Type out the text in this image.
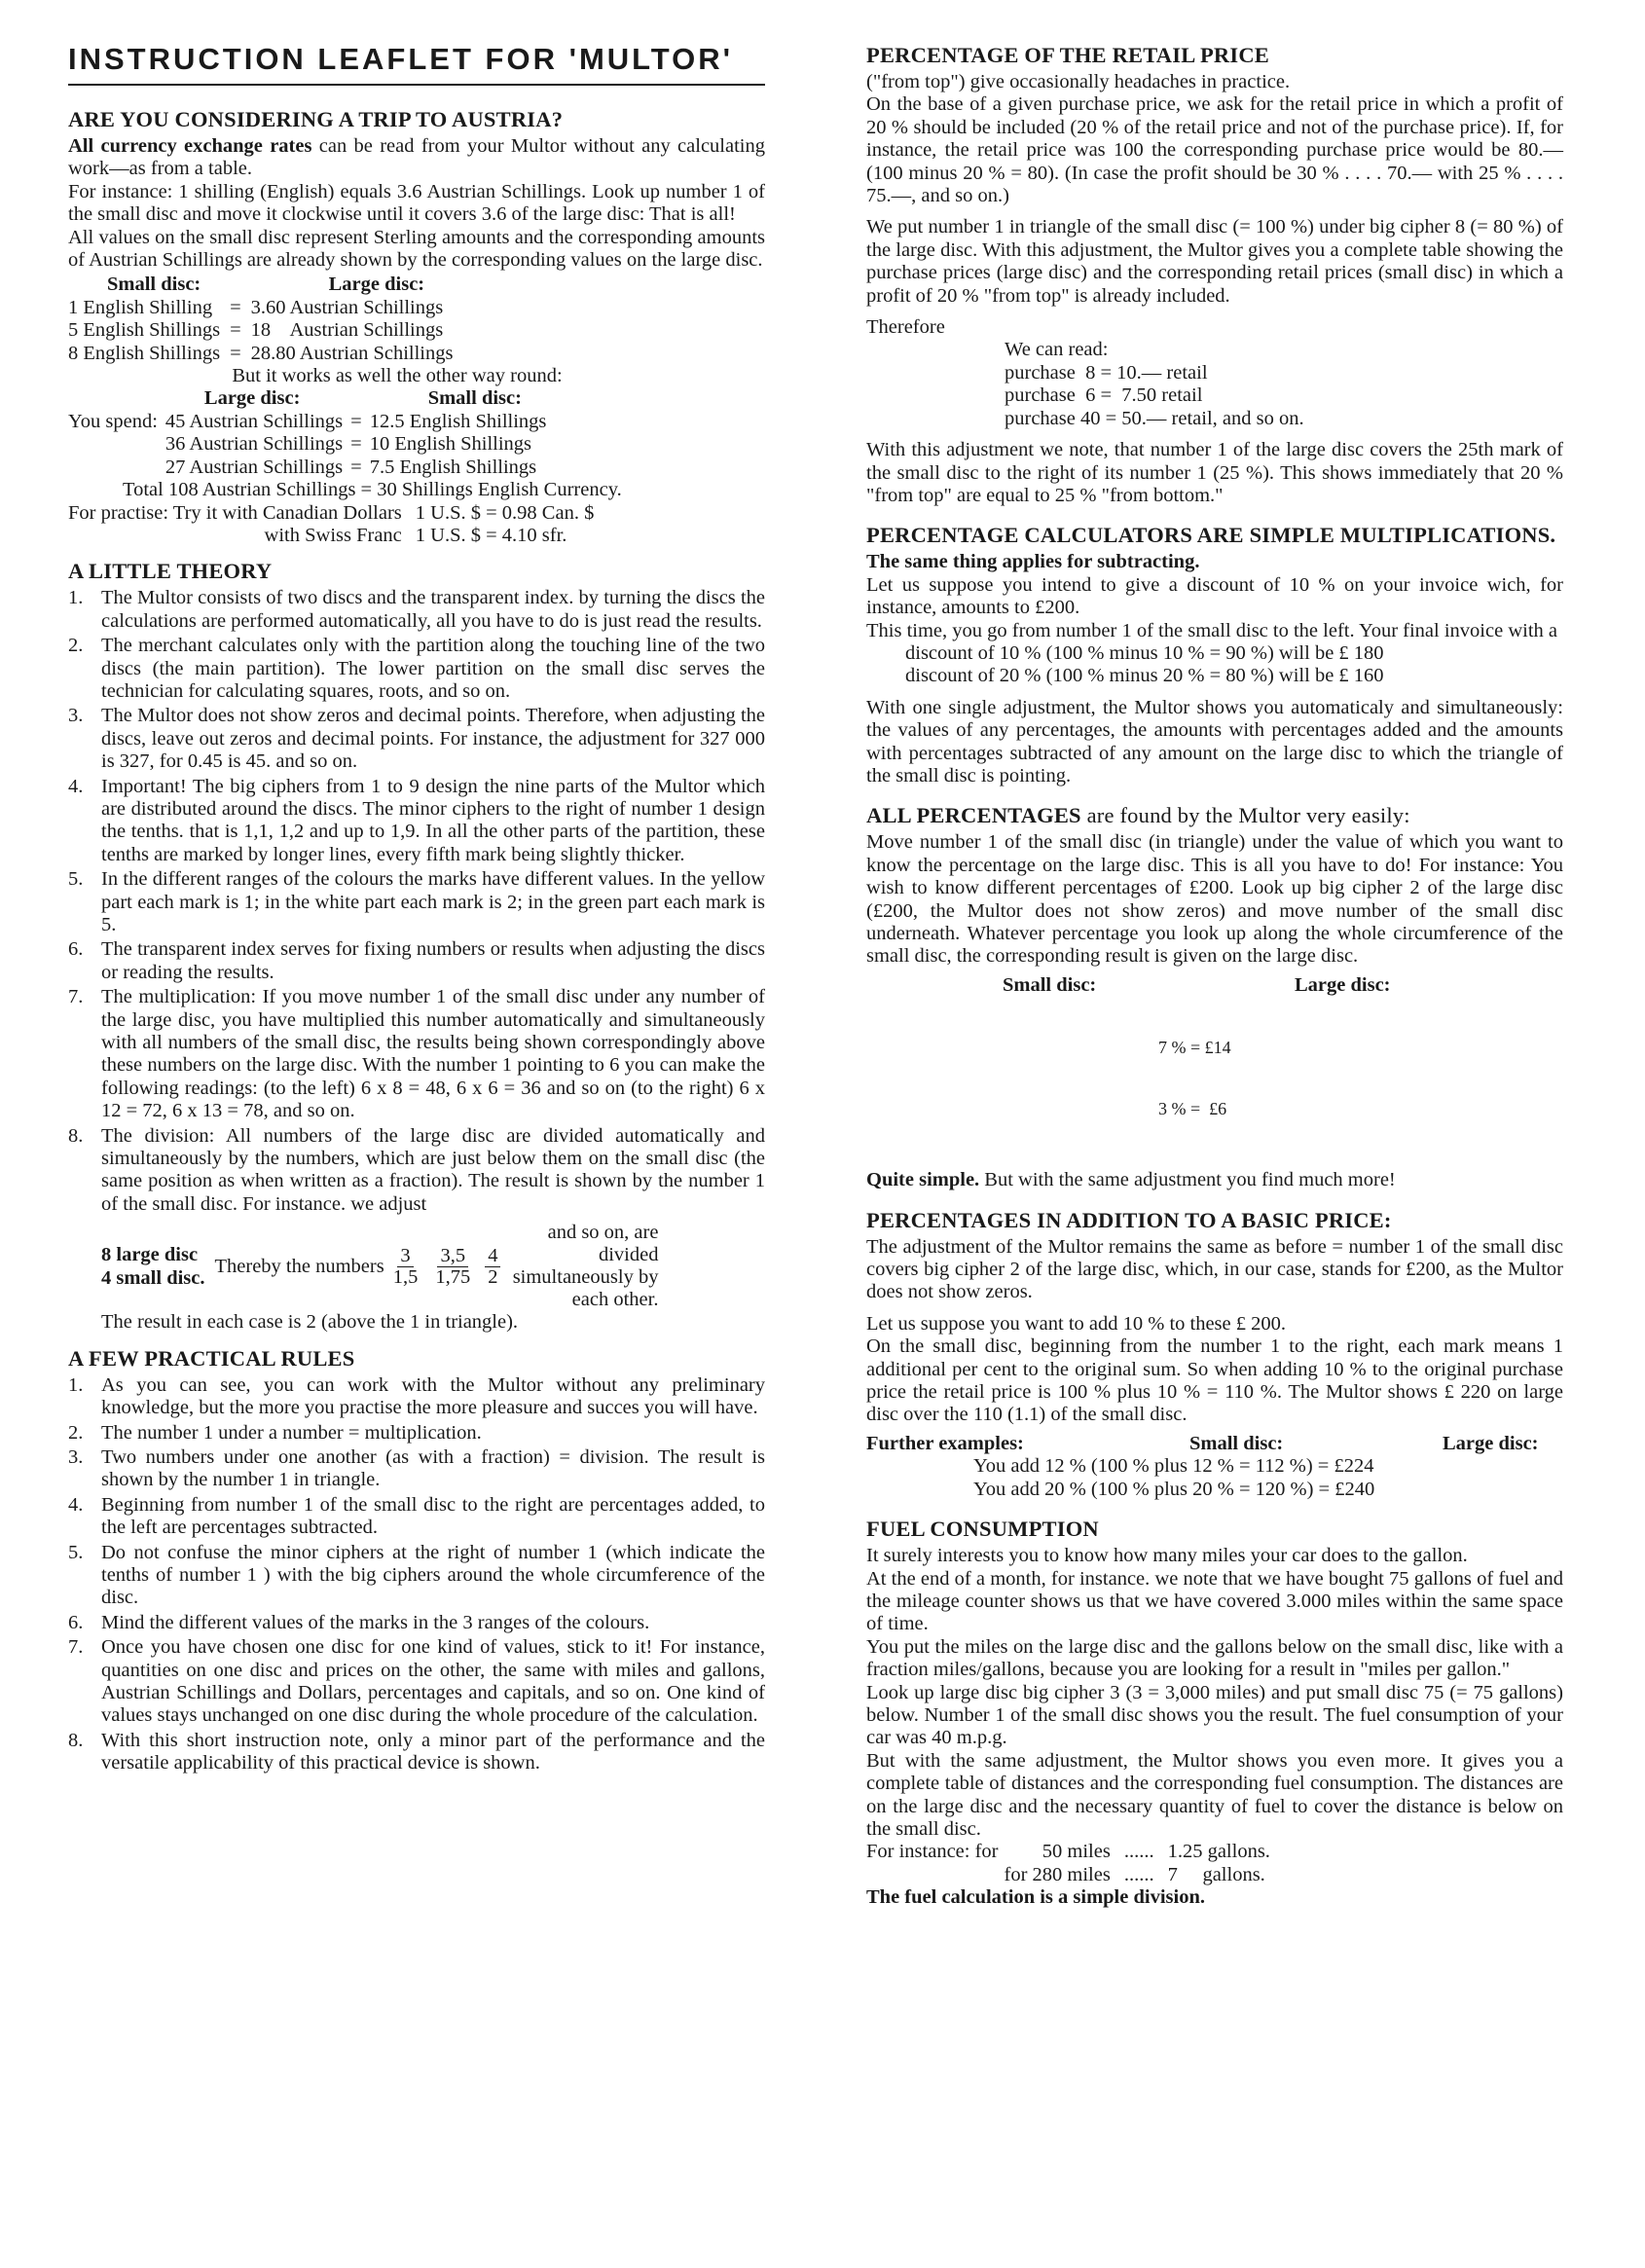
INSTRUCTION LEAFLET FOR 'MULTOR'
ARE YOU CONSIDERING A TRIP TO AUSTRIA?

All currency exchange rates can be read from your Multor without any calculating work—as from a table.

For instance: 1 shilling (English) equals 3.6 Austrian Schillings. Look up number 1 of the small disc and move it clockwise until it covers 3.6 of the large disc: That is all!

All values on the small disc represent Sterling amounts and the corresponding amounts of Austrian Schillings are already shown by the corresponding values on the large disc.

Small disc:		Large disc:
1 English Shilling	=	3.60 Austrian Schillings
5 English Shillings	=	18    Austrian Schillings
8 English Shillings	=	28.80 Austrian Schillings

But it works as well the other way round:

	Large disc:		Small disc:
You spend:	45 Austrian Schillings	=	12.5 English Shillings
	36 Austrian Schillings	=	10 English Shillings
	27 Austrian Schillings	=	7.5 English Shillings

Total 108 Austrian Schillings = 30 Shillings English Currency.

For practise: Try it with Canadian Dollars	1 U.S. $ = 0.98 Can. $
with Swiss Franc	1 U.S. $ = 4.10 sfr.
A LITTLE THEORY
1. The Multor consists of two discs and the transparent index. by turning the discs the calculations are performed automatically, all you have to do is just read the results.
2. The merchant calculates only with the partition along the touching line of the two discs (the main partition). The lower partition on the small disc serves the technician for calculating squares, roots, and so on.
3. The Multor does not show zeros and decimal points. Therefore, when adjusting the discs, leave out zeros and decimal points. For instance, the adjustment for 327 000 is 327, for 0.45 is 45. and so on.
4. Important! The big ciphers from 1 to 9 design the nine parts of the Multor which are distributed around the discs. The minor ciphers to the right of number 1 design the tenths. that is 1,1, 1,2 and up to 1,9. In all the other parts of the partition, these tenths are marked by longer lines, every fifth mark being slightly thicker.
5. In the different ranges of the colours the marks have different values. In the yellow part each mark is 1; in the white part each mark is 2; in the green part each mark is 5.
6. The transparent index serves for fixing numbers or results when adjusting the discs or reading the results.
7. The multiplication: If you move number 1 of the small disc under any number of the large disc, you have multiplied this number automatically and simultaneously with all numbers of the small disc, the results being shown correspondingly above these numbers on the large disc. With the number 1 pointing to 6 you can make the following readings: (to the left) 6 x 8 = 48, 6 x 6 = 36 and so on (to the right) 6 x 12 = 72, 6 x 13 = 78, and so on.
8. The division: All numbers of the large disc are divided automatically and simultaneously by the numbers, which are just below them on the small disc (the same position as when written as a fraction). The result is shown by the number 1 of the small disc. For instance. we adjust
8 large disc
4 small disc.
Thereby the numbers $\frac{3}{1,5} \frac{3,5}{1,75} \frac{4}{2}$
and so on, are divided simultaneously by each other.

The result in each case is 2 (above the 1 in triangle).

A FEW PRACTICAL RULES
1. As you can see, you can work with the Multor without any preliminary knowledge, but the more you practise the more pleasure and succes you will have.
2. The number 1 under a number = multiplication.
3. Two numbers under one another (as with a fraction) = division. The result is shown by the number 1 in triangle.
4. Beginning from number 1 of the small disc to the right are percentages added, to the left are percentages subtracted.
5. Do not confuse the minor ciphers at the right of number 1 (which indicate the tenths of number 1 ) with the big ciphers around the whole circumference of the disc.
6. Mind the different values of the marks in the 3 ranges of the colours.
7. Once you have chosen one disc for one kind of values, stick to it! For instance, quantities on one disc and prices on the other, the same with miles and gallons, Austrian Schillings and Dollars, percentages and capitals, and so on. One kind of values stays unchanged on one disc during the whole procedure of the calculation.
8. With this short instruction note, only a minor part of the performance and the versatile applicability of this practical device is shown.
PERCENTAGE OF THE RETAIL PRICE

("from top") give occasionally headaches in practice.

On the base of a given purchase price, we ask for the retail price in which a profit of 20 % should be included (20 % of the retail price and not of the purchase price). If, for instance, the retail price was 100 the corresponding purchase price would be 80.— (100 minus 20 % = 80). (In case the profit should be 30 % . . . . 70.— with 25 % . . . . 75.—, and so on.)

We put number 1 in triangle of the small disc (= 100 %) under big cipher 8 (= 80 %) of the large disc. With this adjustment, the Multor gives you a complete table showing the purchase prices (large disc) and the corresponding retail prices (small disc) in which a profit of 20 % "from top" is already included.

Therefore

We can read:
purchase  8 = 10.— retail
purchase  6 =  7.50 retail
purchase 40 = 50.— retail, and so on.

With this adjustment we note, that number 1 of the large disc covers the 25th mark of the small disc to the right of its number 1 (25 %). This shows immediately that 20 % "from top" are equal to 25 % "from bottom."

PERCENTAGE CALCULATORS ARE SIMPLE MULTIPLICATIONS.

The same thing applies for subtracting.

Let us suppose you intend to give a discount of 10 % on your invoice wich, for instance, amounts to £200.

This time, you go from number 1 of the small disc to the left. Your final invoice with a

discount of 10 % (100 % minus 10 % = 90 %) will be £ 180
discount of 20 % (100 % minus 20 % = 80 %) will be £ 160

With one single adjustment, the Multor shows you automaticaly and simultaneously: the values of any percentages, the amounts with percentages added and the amounts with percentages subtracted of any amount on the large disc to which the triangle of the small disc is pointing.

ALL PERCENTAGES are found by the Multor very easily:

Move number 1 of the small disc (in triangle) under the value of which you want to know the percentage on the large disc. This is all you have to do! For instance: You wish to know different percentages of £200. Look up big cipher 2 of the large disc (£200, the Multor does not show zeros) and move number of the small disc underneath. Whatever percentage you look up along the whole circumference of the small disc, the corresponding result is given on the large disc.

Small disc:	Large disc:

7 % = £14

3 % =  £6

Quite simple. But with the same adjustment you find much more!

PERCENTAGES IN ADDITION TO A BASIC PRICE:

The adjustment of the Multor remains the same as before = number 1 of the small disc covers big cipher 2 of the large disc, which, in our case, stands for £200, as the Multor does not show zeros.

Let us suppose you want to add 10 % to these £ 200.

On the small disc, beginning from the number 1 to the right, each mark means 1 additional per cent to the original sum. So when adding 10 % to the original purchase price the retail price is 100 % plus 10 % = 110 %. The Multor shows £ 220 on large disc over the 110 (1.1) of the small disc.

Further examples:	Small disc:	Large disc:
You add 12 % (100 % plus 12 % = 112 %) = £224
You add 20 % (100 % plus 20 % = 120 %) = £240
FUEL CONSUMPTION

It surely interests you to know how many miles your car does to the gallon.

At the end of a month, for instance. we note that we have bought 75 gallons of fuel and the mileage counter shows us that we have covered 3.000 miles within the same space of time.

You put the miles on the large disc and the gallons below on the small disc, like with a fraction miles/gallons, because you are looking for a result in "miles per gallon."

Look up large disc big cipher 3 (3 = 3,000 miles) and put small disc 75 (= 75 gallons) below. Number 1 of the small disc shows you the result. The fuel consumption of your car was 40 m.p.g.

But with the same adjustment, the Multor shows you even more. It gives you a complete table of distances and the corresponding fuel consumption. The distances are on the large disc and the necessary quantity of fuel to cover the distance is below on the small disc.

For instance: for	50 miles	......	1.25 gallons.
	for 280 miles	......	7     gallons.

The fuel calculation is a simple division.
